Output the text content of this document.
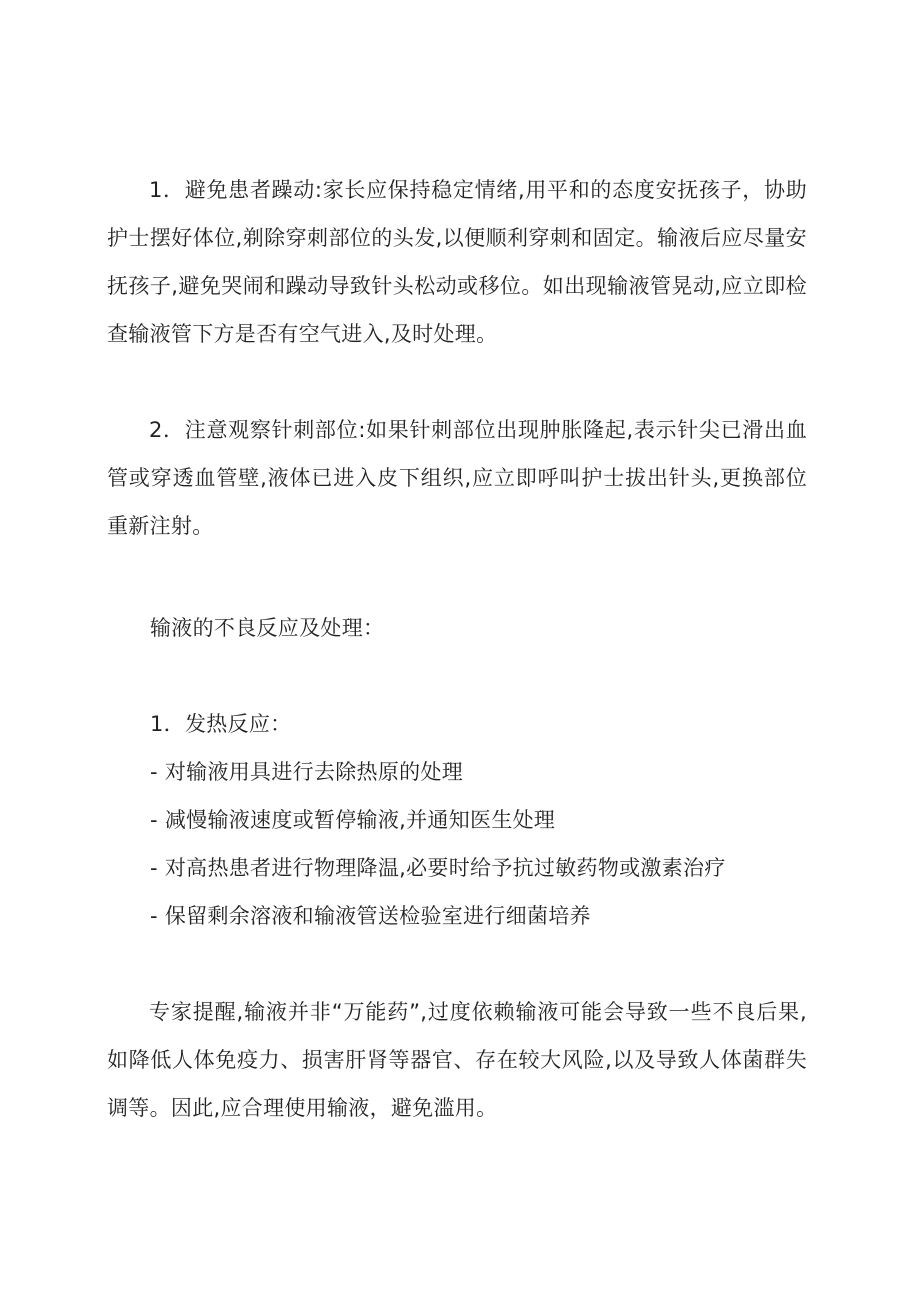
1．避免患者躁动:家长应保持稳定情绪,用平和的态度安抚孩子，协助护士摆好体位,剃除穿刺部位的头发,以便顺利穿刺和固定。输液后应尽量安抚孩子,避免哭闹和躁动导致针头松动或移位。如出现输液管晃动,应立即检查输液管下方是否有空气进入,及时处理。

2．注意观察针刺部位:如果针刺部位出现肿胀隆起,表示针尖已滑出血管或穿透血管壁,液体已进入皮下组织,应立即呼叫护士拔出针头,更换部位重新注射。

输液的不良反应及处理：

1．发热反应：

- 对输液用具进行去除热原的处理

- 减慢输液速度或暂停输液,并通知医生处理

- 对高热患者进行物理降温,必要时给予抗过敏药物或激素治疗

- 保留剩余溶液和输液管送检验室进行细菌培养

专家提醒,输液并非“万能药”,过度依赖输液可能会导致一些不良后果,如降低人体免疫力、损害肝肾等器官、存在较大风险,以及导致人体菌群失调等。因此,应合理使用输液，避免滥用。
